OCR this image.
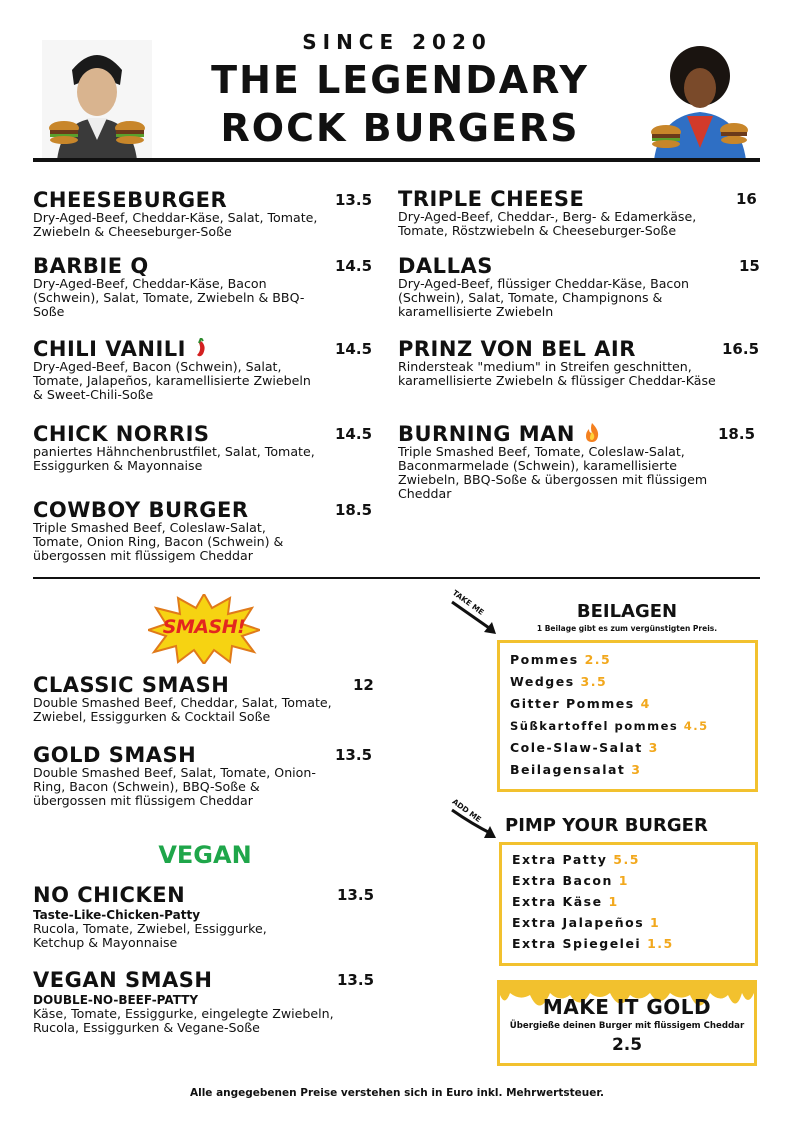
SINCE 2020
THE LEGENDARY
ROCK BURGERS
CHEESEBURGER	13.5
Dry-Aged-Beef, Cheddar-Käse, Salat, Tomate, Zwiebeln & Cheeseburger-Soße
BARBIE Q	14.5
Dry-Aged-Beef, Cheddar-Käse, Bacon (Schwein), Salat, Tomate, Zwiebeln & BBQ-Soße
CHILI VANILI	14.5
Dry-Aged-Beef, Bacon (Schwein), Salat, Tomate, Jalapeños, karamellisierte Zwiebeln & Sweet-Chili-Soße
CHICK NORRIS	14.5
paniertes Hähnchenbrustfilet, Salat, Tomate, Essiggurken & Mayonnaise
COWBOY BURGER	18.5
Triple Smashed Beef, Coleslaw-Salat, Tomate, Onion Ring, Bacon (Schwein) & übergossen mit flüssigem Cheddar
TRIPLE CHEESE	16
Dry-Aged-Beef, Cheddar-, Berg- & Edamerkäse, Tomate, Röstzwiebeln & Cheeseburger-Soße
DALLAS	15
Dry-Aged-Beef, flüssiger Cheddar-Käse, Bacon (Schwein), Salat, Tomate, Champignons & karamellisierte Zwiebeln
PRINZ VON BEL AIR	16.5
Rindersteak "medium" in Streifen geschnitten, karamellisierte Zwiebeln & flüssiger Cheddar-Käse
BURNING MAN	18.5
Triple Smashed Beef, Tomate, Coleslaw-Salat, Baconmarmelade (Schwein), karamellisierte Zwiebeln, BBQ-Soße & übergossen mit flüssigem Cheddar
SMASH!
CLASSIC SMASH	12
Double Smashed Beef, Cheddar, Salat, Tomate, Zwiebel, Essiggurken & Cocktail Soße
GOLD SMASH	13.5
Double Smashed Beef, Salat, Tomate, Onion-Ring, Bacon (Schwein), BBQ-Soße & übergossen mit flüssigem Cheddar
VEGAN
NO CHICKEN	13.5
Taste-Like-Chicken-Patty
Rucola, Tomate, Zwiebel, Essiggurke, Ketchup & Mayonnaise
VEGAN SMASH	13.5
DOUBLE-NO-BEEF-PATTY
Käse, Tomate, Essiggurke, eingelegte Zwiebeln, Rucola, Essiggurken & Vegane-Soße
TAKE ME	BEILAGEN
1 Beilage gibt es zum vergünstigten Preis.
Pommes 2.5
Wedges 3.5
Gitter Pommes 4
Süßkartoffel pommes 4.5
Cole-Slaw-Salat 3
Beilagensalat 3
ADD ME
PIMP YOUR BURGER
Extra Patty 5.5
Extra Bacon 1
Extra Käse 1
Extra Jalapeños 1
Extra Spiegelei 1.5
MAKE IT GOLD
Übergieße deinen Burger mit flüssigem Cheddar
2.5
Alle angegebenen Preise verstehen sich in Euro inkl. Mehrwertsteuer.
